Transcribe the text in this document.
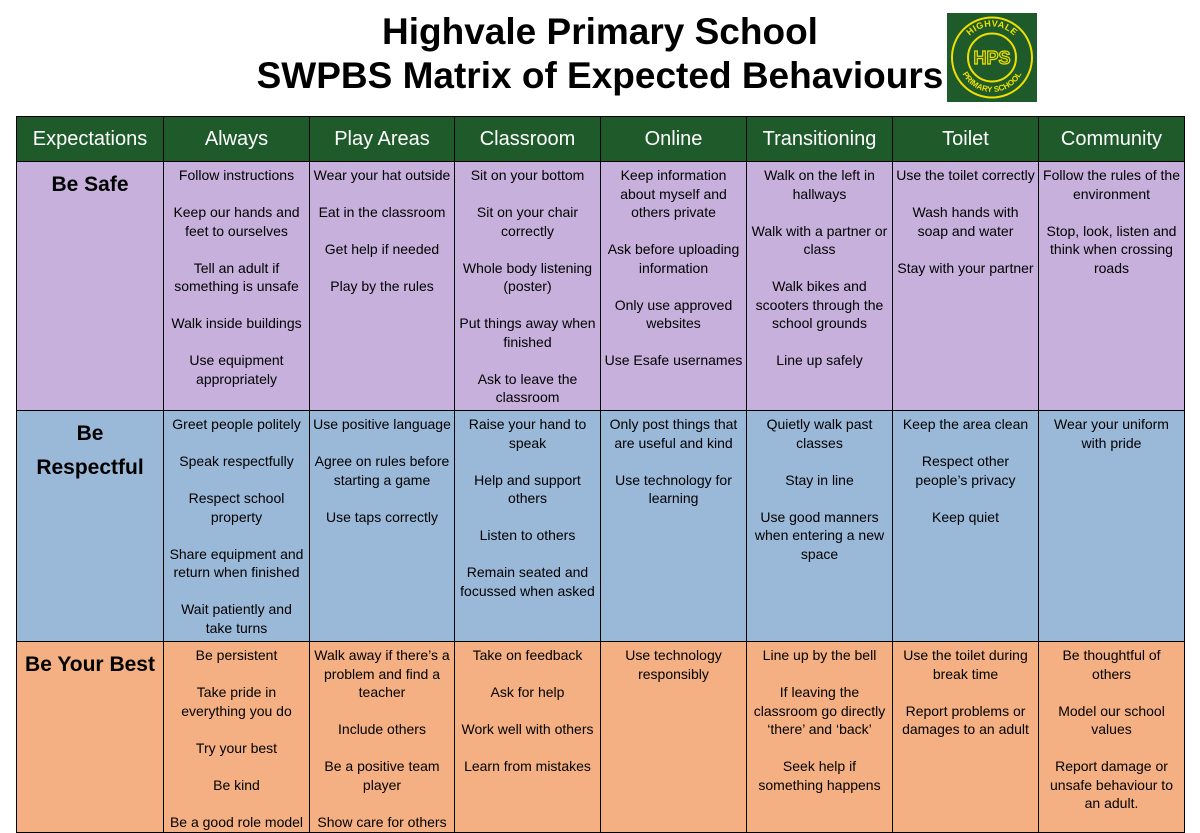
Highvale Primary School
SWPBS Matrix of Expected Behaviours
HIGHVALE
PRIMARY SCHOOL
HPS
Expectations	Always	Play Areas	Classroom	Online	Transitioning	Toilet	Community

Be Safe	Follow instructions
Keep our hands and feet to ourselves
Tell an adult if something is unsafe
Walk inside buildings
Use equipment appropriately	Wear your hat outside
Eat in the classroom
Get help if needed
Play by the rules	Sit on your bottom
Sit on your chair correctly
Whole body listening (poster)
Put things away when finished
Ask to leave the classroom	Keep information about myself and others private
Ask before uploading information
Only use approved websites
Use Esafe usernames	Walk on the left in hallways
Walk with a partner or class
Walk bikes and scooters through the school grounds
Line up safely	Use the toilet correctly
Wash hands with soap and water
Stay with your partner	Follow the rules of the environment
Stop, look, listen and think when crossing roads

Be
Respectful	Greet people politely
Speak respectfully
Respect school property
Share equipment and return when finished
Wait patiently and take turns	Use positive language
Agree on rules before starting a game
Use taps correctly	Raise your hand to speak
Help and support others
Listen to others
Remain seated and focussed when asked	Only post things that are useful and kind
Use technology for learning	Quietly walk past classes
Stay in line
Use good manners when entering a new space	Keep the area clean
Respect other people’s privacy
Keep quiet	Wear your uniform with pride

Be Your Best	Be persistent
Take pride in everything you do
Try your best
Be kind
Be a good role model	Walk away if there’s a problem and find a teacher
Include others
Be a positive team player
Show care for others	Take on feedback
Ask for help
Work well with others
Learn from mistakes	Use technology responsibly	Line up by the bell
If leaving the classroom go directly ‘there’ and ‘back’
Seek help if something happens	Use the toilet during break time
Report problems or damages to an adult	Be thoughtful of others
Model our school values
Report damage or unsafe behaviour to an adult.
